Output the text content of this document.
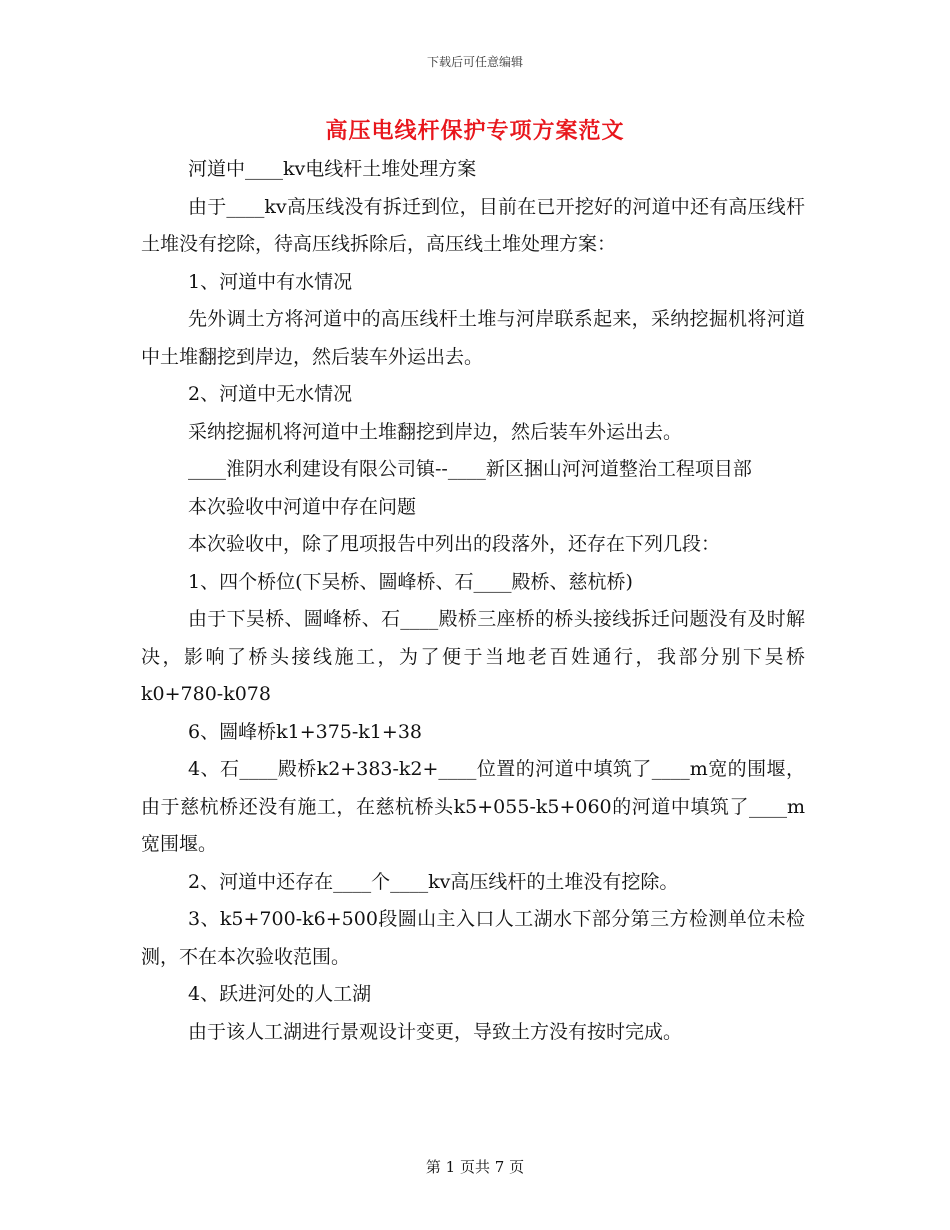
下载后可任意编辑
高压电线杆保护专项方案范文

河道中____kv电线杆土堆处理方案

由于____kv高压线没有拆迁到位，目前在已开挖好的河道中还有高压线杆土堆没有挖除，待高压线拆除后，高压线土堆处理方案：

1、河道中有水情况

先外调土方将河道中的高压线杆土堆与河岸联系起来，采纳挖掘机将河道中土堆翻挖到岸边，然后装车外运出去。

2、河道中无水情况

采纳挖掘机将河道中土堆翻挖到岸边，然后装车外运出去。

____淮阴水利建设有限公司镇--____新区捆山河河道整治工程项目部

本次验收中河道中存在问题

本次验收中，除了甩项报告中列出的段落外，还存在下列几段：

1、四个桥位(下吴桥、圌峰桥、石____殿桥、慈杭桥)

由于下吴桥、圌峰桥、石____殿桥三座桥的桥头接线拆迁问题没有及时解决，影响了桥头接线施工，为了便于当地老百姓通行，我部分别下吴桥k0+780-k078

6、圌峰桥k1+375-k1+38

4、石____殿桥k2+383-k2+____位置的河道中填筑了____m宽的围堰，由于慈杭桥还没有施工，在慈杭桥头k5+055-k5+060的河道中填筑了____m宽围堰。

2、河道中还存在____个____kv高压线杆的土堆没有挖除。

3、k5+700-k6+500段圌山主入口人工湖水下部分第三方检测单位未检测，不在本次验收范围。

4、跃进河处的人工湖

由于该人工湖进行景观设计变更，导致土方没有按时完成。

第 1 页共 7 页
